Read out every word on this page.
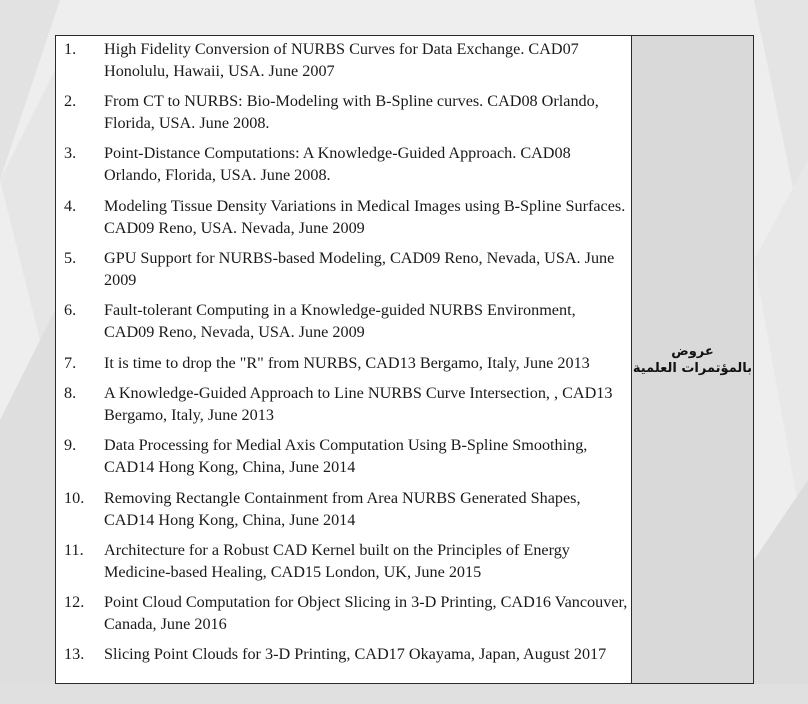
1. High Fidelity Conversion of NURBS Curves for Data Exchange. CAD07 Honolulu, Hawaii, USA. June 2007
2. From CT to NURBS: Bio-Modeling with B-Spline curves. CAD08 Orlando, Florida, USA. June 2008.
3. Point-Distance Computations: A Knowledge-Guided Approach. CAD08 Orlando, Florida, USA. June 2008.
4. Modeling Tissue Density Variations in Medical Images using B-Spline Surfaces. CAD09 Reno, USA. Nevada, June 2009
5. GPU Support for NURBS-based Modeling, CAD09 Reno, Nevada, USA. June 2009
6. Fault-tolerant Computing in a Knowledge-guided NURBS Environment, CAD09 Reno, Nevada, USA. June 2009
7. It is time to drop the "R" from NURBS, CAD13 Bergamo, Italy, June 2013
8. A Knowledge-Guided Approach to Line NURBS Curve Intersection, , CAD13 Bergamo, Italy, June 2013
9. Data Processing for Medial Axis Computation Using B-Spline Smoothing, CAD14 Hong Kong, China, June 2014
10. Removing Rectangle Containment from Area NURBS Generated Shapes, CAD14 Hong Kong, China, June 2014
11. Architecture for a Robust CAD Kernel built on the Principles of Energy Medicine-based Healing, CAD15 London, UK, June 2015
12. Point Cloud Computation for Object Slicing in 3-D Printing, CAD16 Vancouver, Canada, June 2016
13. Slicing Point Clouds for 3-D Printing, CAD17 Okayama, Japan, August 2017
عروض
بالمؤتمرات العلمية
